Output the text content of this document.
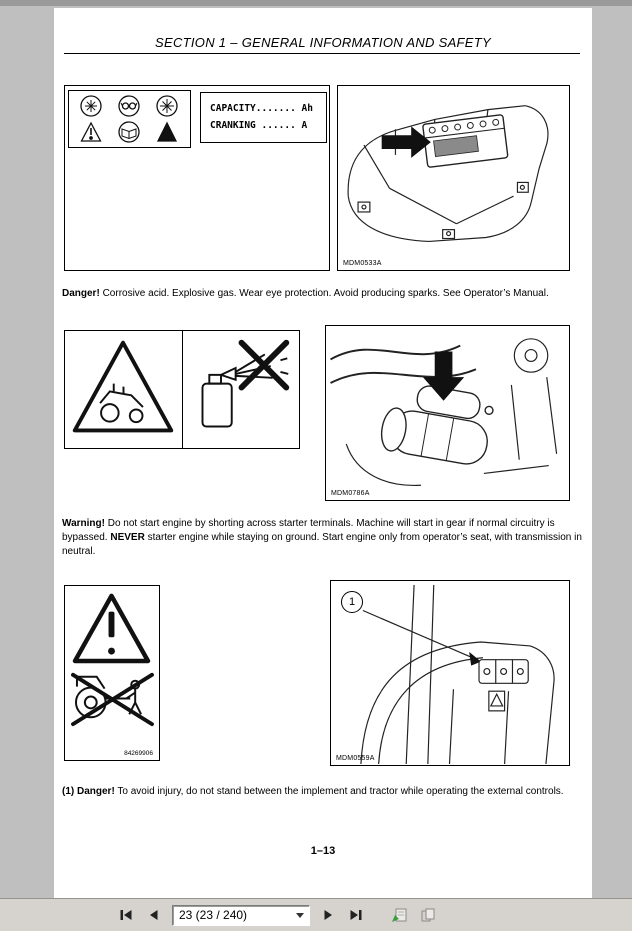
SECTION 1 – GENERAL INFORMATION AND SAFETY
CAPACITY....... Ah
CRANKING ...... A
MDM0533A

Danger! Corrosive acid. Explosive gas. Wear eye protection. Avoid producing sparks. See Operator’s Manual.

MDM0786A

Warning! Do not start engine by shorting across starter terminals. Machine will start in gear if normal circuitry is bypassed. NEVER starter engine while staying on ground. Start engine only from operator’s seat, with transmission in neutral.

84269906
1
MDM0559A

(1) Danger! To avoid injury, do not stand between the implement and tractor while operating the external controls.

1–13
23 (23 / 240)
